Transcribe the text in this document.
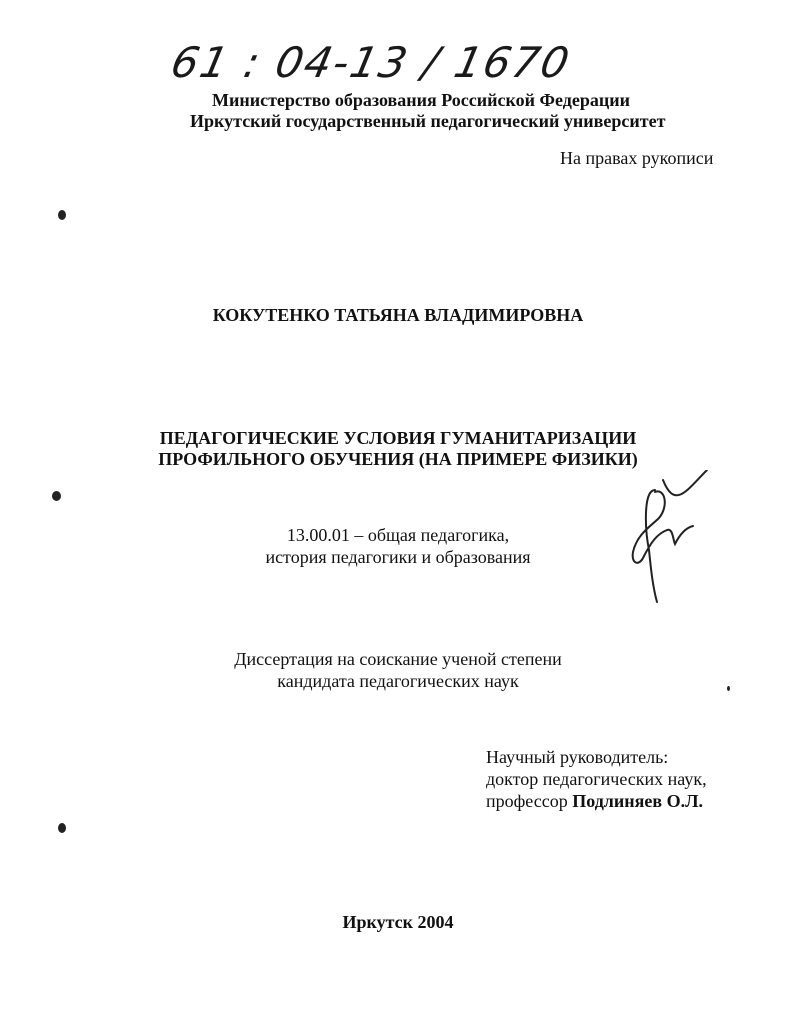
61 : 04-13 / 1670
Министерство образования Российской Федерации
Иркутский государственный педагогический университет
На правах рукописи
КОКУТЕНКО ТАТЬЯНА ВЛАДИМИРОВНА
ПЕДАГОГИЧЕСКИЕ УСЛОВИЯ ГУМАНИТАРИЗАЦИИ
ПРОФИЛЬНОГО ОБУЧЕНИЯ (НА ПРИМЕРЕ ФИЗИКИ)
13.00.01 – общая педагогика,
история педагогики и образования
Диссертация на соискание ученой степени
кандидата педагогических наук
Научный руководитель:
доктор педагогических наук,
профессор Подлиняев О.Л.
Иркутск 2004
